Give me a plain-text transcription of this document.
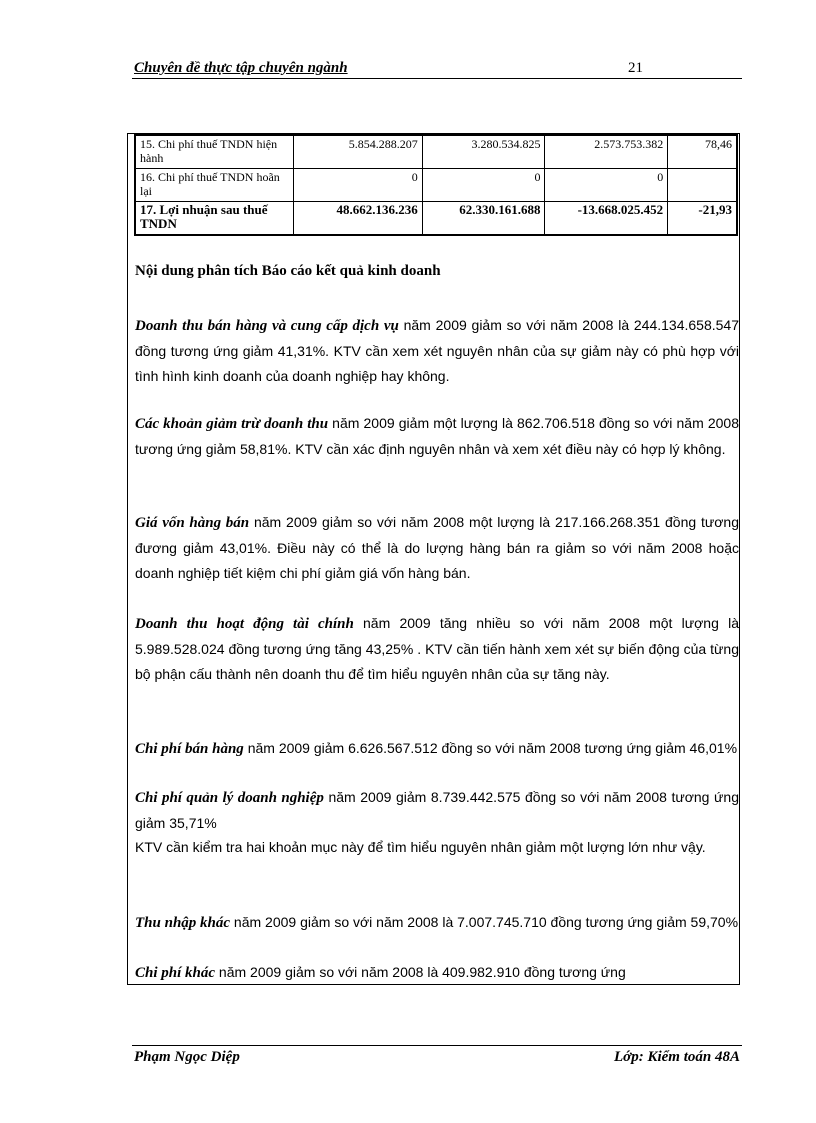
Chuyên đề thực tập chuyên ngành	21
15. Chi phí thuế TNDN hiện hành	5.854.288.207	3.280.534.825	2.573.753.382	78,46
16. Chi phí thuế TNDN hoãn lại	0	0	0	
17. Lợi nhuận sau thuế TNDN	48.662.136.236	62.330.161.688	-13.668.025.452	-21,93
Nội dung phân tích Báo cáo kết quả kinh doanh

Doanh thu bán hàng và cung cấp dịch vụ năm 2009 giảm so với năm 2008 là 244.134.658.547 đồng tương ứng giảm 41,31%. KTV cần xem xét nguyên nhân của sự giảm này có phù hợp với tình hình kinh doanh của doanh nghiệp hay không.

Các khoản giảm trừ doanh thu năm 2009 giảm một lượng là 862.706.518 đồng so với năm 2008 tương ứng giảm 58,81%. KTV cần xác định nguyên nhân và xem xét điều này có hợp lý không.

Giá vốn hàng bán năm 2009 giảm so với năm 2008 một lượng là 217.166.268.351 đồng tương đương giảm 43,01%. Điều này có thể là do lượng hàng bán ra giảm so với năm 2008 hoặc doanh nghiệp tiết kiệm chi phí giảm giá vốn hàng bán.

Doanh thu hoạt động tài chính năm 2009 tăng nhiều so với năm 2008 một lượng là 5.989.528.024 đồng tương ứng tăng 43,25% . KTV cần tiến hành xem xét sự biến động của từng bộ phận cấu thành nên doanh thu để tìm hiểu nguyên nhân của sự tăng này.

Chi phí bán hàng năm 2009 giảm 6.626.567.512 đồng so với năm 2008 tương ứng giảm 46,01%

Chi phí quản lý doanh nghiệp năm 2009 giảm 8.739.442.575 đồng so với năm 2008 tương ứng giảm 35,71%

KTV cần kiểm tra hai khoản mục này để tìm hiểu nguyên nhân giảm một lượng lớn như vậy.

Thu nhập khác năm 2009 giảm so với năm 2008 là 7.007.745.710 đồng tương ứng giảm 59,70%

Chi phí khác năm 2009 giảm so với năm 2008 là 409.982.910 đồng tương ứng

Phạm Ngọc Diệp	Lớp: Kiểm toán 48A
